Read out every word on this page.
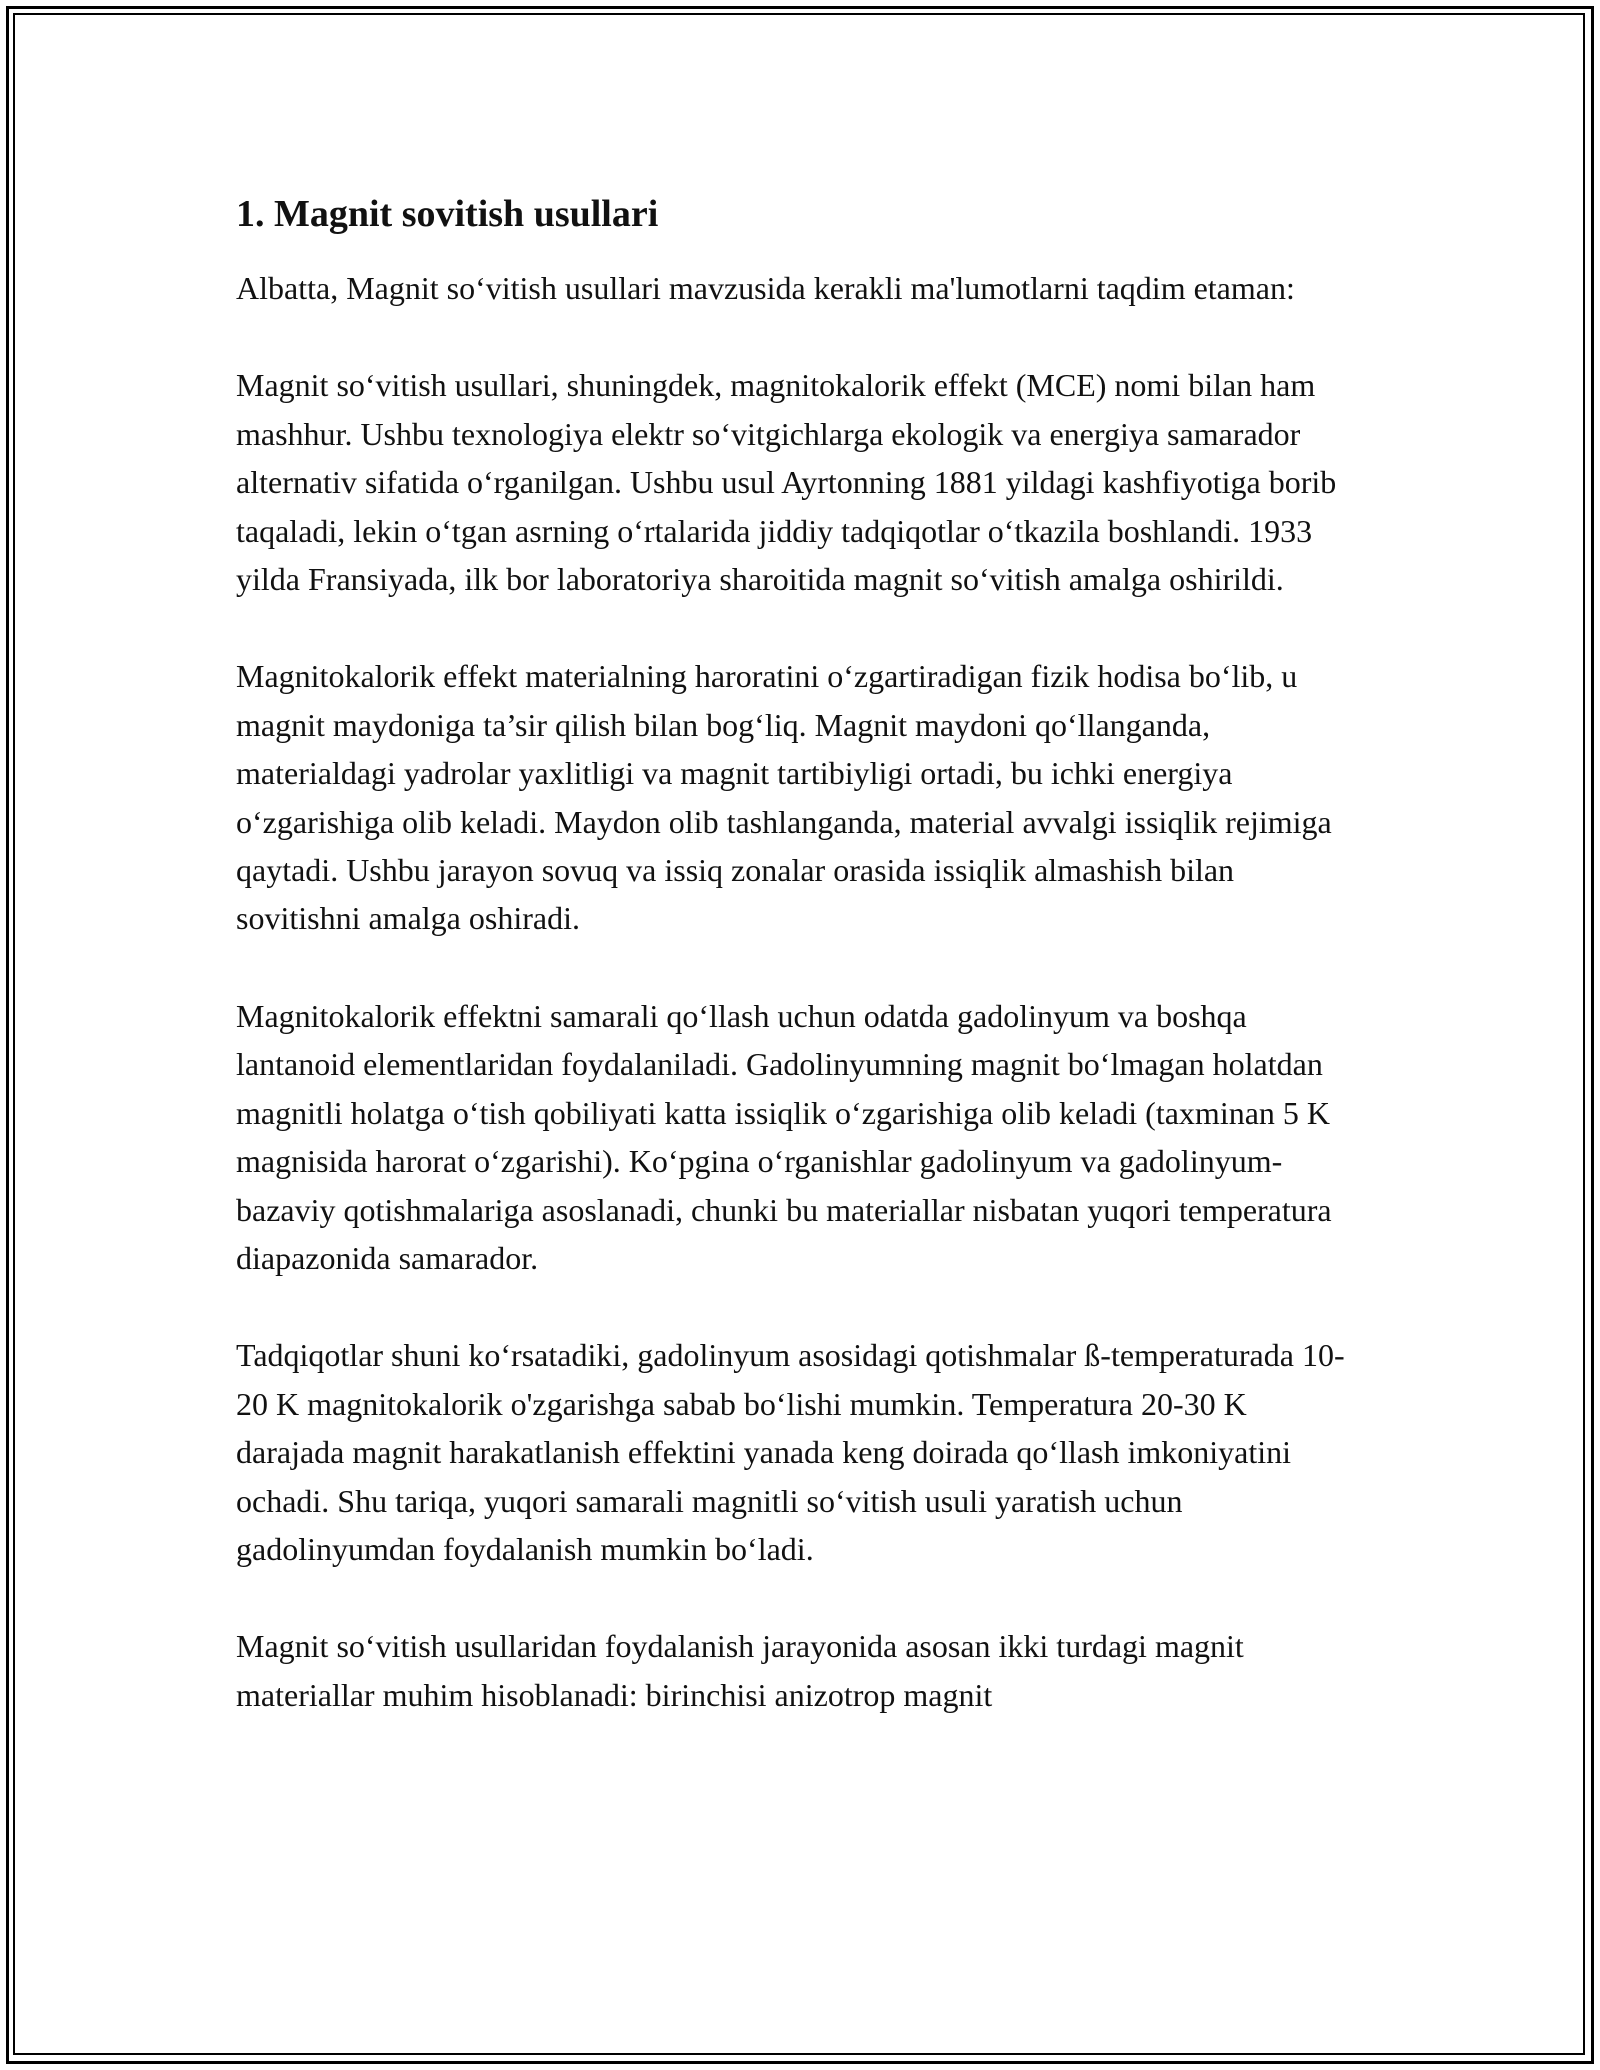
1. Magnit sovitish usullari

Albatta, Magnit so‘vitish usullari mavzusida kerakli ma'lumotlarni taqdim etaman:

Magnit so‘vitish usullari, shuningdek, magnitokalorik effekt (MCE) nomi bilan ham mashhur. Ushbu texnologiya elektr so‘vitgichlarga ekologik va energiya samarador alternativ sifatida o‘rganilgan. Ushbu usul Ayrtonning 1881 yildagi kashfiyotiga borib taqaladi, lekin o‘tgan asrning o‘rtalarida jiddiy tadqiqotlar o‘tkazila boshlandi. 1933 yilda Fransiyada, ilk bor laboratoriya sharoitida magnit so‘vitish amalga oshirildi.

Magnitokalorik effekt materialning haroratini o‘zgartiradigan fizik hodisa bo‘lib, u magnit maydoniga ta’sir qilish bilan bog‘liq. Magnit maydoni qo‘llanganda, materialdagi yadrolar yaxlitligi va magnit tartibiyligi ortadi, bu ichki energiya o‘zgarishiga olib keladi. Maydon olib tashlanganda, material avvalgi issiqlik rejimiga qaytadi. Ushbu jarayon sovuq va issiq zonalar orasida issiqlik almashish bilan sovitishni amalga oshiradi.

Magnitokalorik effektni samarali qo‘llash uchun odatda gadolinyum va boshqa lantanoid elementlaridan foydalaniladi. Gadolinyumning magnit bo‘lmagan holatdan magnitli holatga o‘tish qobiliyati katta issiqlik o‘zgarishiga olib keladi (taxminan 5 K magnisida harorat o‘zgarishi). Ko‘pgina o‘rganishlar gadolinyum va gadolinyum-bazaviy qotishmalariga asoslanadi, chunki bu materiallar nisbatan yuqori temperatura diapazonida samarador.

Tadqiqotlar shuni ko‘rsatadiki, gadolinyum asosidagi qotishmalar ß-temperaturada 10-20 K magnitokalorik o'zgarishga sabab bo‘lishi mumkin. Temperatura 20-30 K darajada magnit harakatlanish effektini yanada keng doirada qo‘llash imkoniyatini ochadi. Shu tariqa, yuqori samarali magnitli so‘vitish usuli yaratish uchun gadolinyumdan foydalanish mumkin bo‘ladi.

Magnit so‘vitish usullaridan foydalanish jarayonida asosan ikki turdagi magnit materiallar muhim hisoblanadi: birinchisi anizotrop magnit
